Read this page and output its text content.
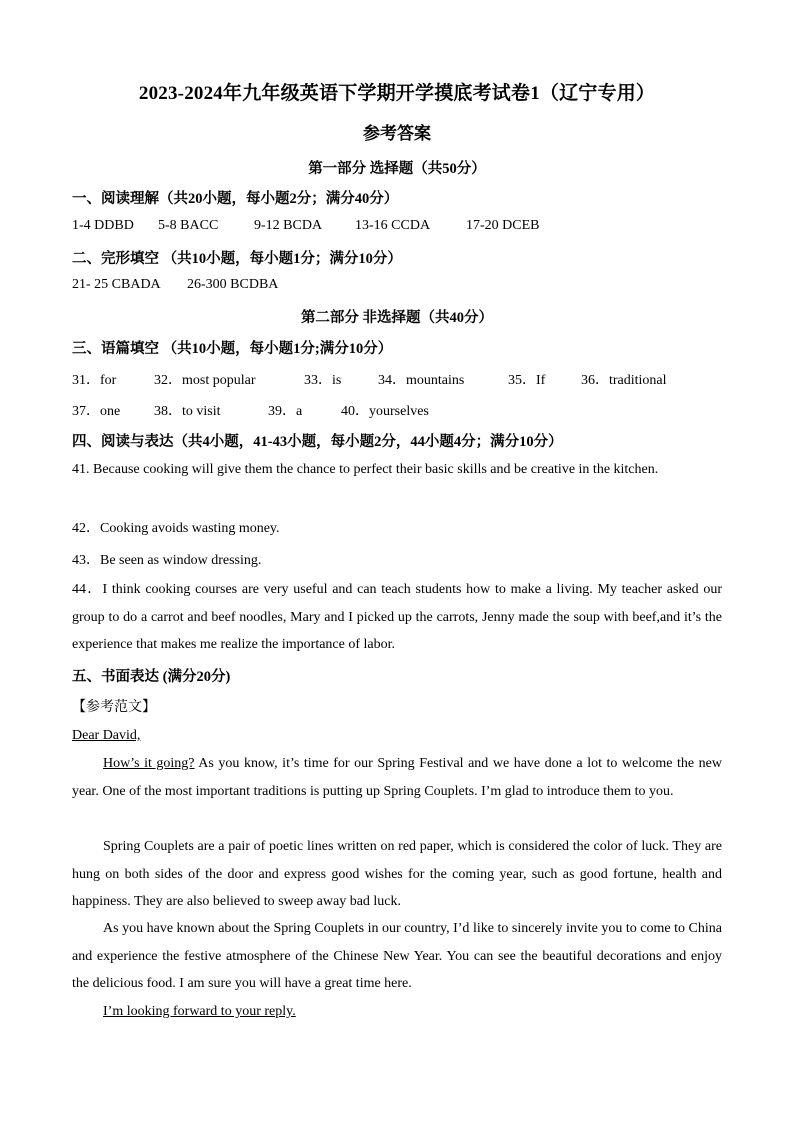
2023-2024年九年级英语下学期开学摸底考试卷1（辽宁专用）
参考答案
第一部分 选择题（共50分）
一、阅读理解（共20小题，每小题2分；满分40分）
1-4 DDBD 5-8 BACC	9-12 BCDA 13-16 CCDA	17-20 DCEB
二、完形填空 （共10小题，每小题1分；满分10分）
21- 25 CBADA 26-300 BCDBA
第二部分 非选择题（共40分）
三、语篇填空 （共10小题，每小题1分;满分10分）
31．for	32．most popular	33．is	34．mountains	35．If	36．traditional
37．one 38．to visit	39．a	40．yourselves
四、阅读与表达（共4小题，41-43小题，每小题2分，44小题4分；满分10分）
41. Because cooking will give them the chance to perfect their basic skills and be creative in the kitchen.
42．Cooking avoids wasting money.
43．Be seen as window dressing.
44．I think cooking courses are very useful and can teach students how to make a living. My teacher asked our group to do a carrot and beef noodles, Mary and I picked up the carrots, Jenny made the soup with beef,and it’s the experience that makes me realize the importance of labor.
五、书面表达 (满分20分)
【参考范文】
Dear David,
How’s it going? As you know, it’s time for our Spring Festival and we have done a lot to welcome the new year. One of the most important traditions is putting up Spring Couplets. I’m glad to introduce them to you.
Spring Couplets are a pair of poetic lines written on red paper, which is considered the color of luck. They are hung on both sides of the door and express good wishes for the coming year, such as good fortune, health and happiness. They are also believed to sweep away bad luck.
As you have known about the Spring Couplets in our country, I’d like to sincerely invite you to come to China and experience the festive atmosphere of the Chinese New Year. You can see the beautiful decorations and enjoy the delicious food. I am sure you will have a great time here.
I’m looking forward to your reply.
